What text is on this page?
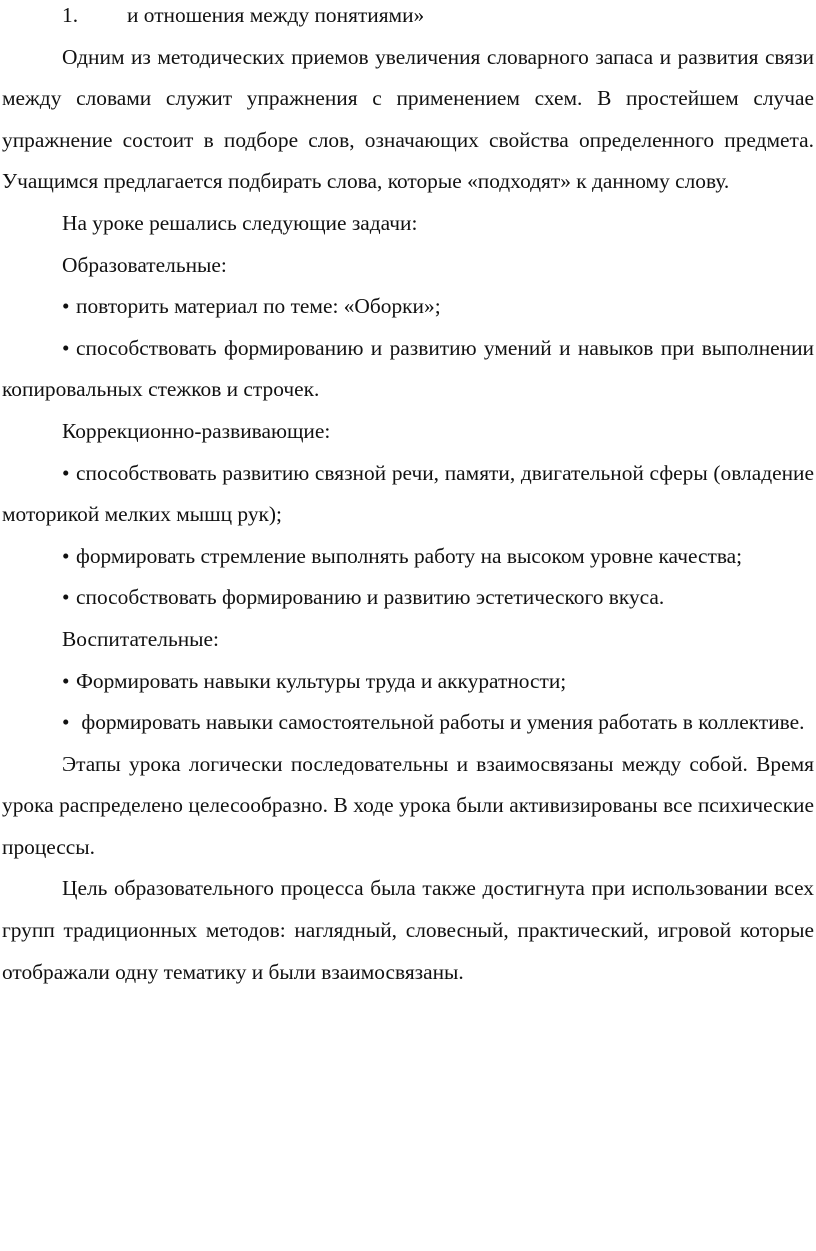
1.	и отношения между понятиями»

Одним из методических приемов увеличения словарного запаса и развития связи между словами служит упражнения с применением схем. В простейшем случае упражнение состоит в подборе слов, означающих свойства определенного предмета. Учащимся предлагается подбирать слова, которые «подходят» к данному слову.

На уроке решались следующие задачи:

Образовательные:

• повторить материал по теме: «Оборки»;

• способствовать формированию и развитию умений и навыков при выполнении копировальных стежков и строчек.

Коррекционно-развивающие:

• способствовать развитию связной речи, памяти, двигательной сферы (овладение моторикой мелких мышц рук);

• формировать стремление выполнять работу на высоком уровне качества;

• способствовать формированию и развитию эстетического вкуса.

Воспитательные:

• Формировать навыки культуры труда и аккуратности;

• формировать навыки самостоятельной работы и умения работать в коллективе.

Этапы урока логически последовательны и взаимосвязаны между собой. Время урока распределено целесообразно. В ходе урока были активизированы все психические процессы.

Цель образовательного процесса была также достигнута при использовании всех групп традиционных методов: наглядный, словесный, практический, игровой которые отображали одну тематику и были взаимосвязаны.
